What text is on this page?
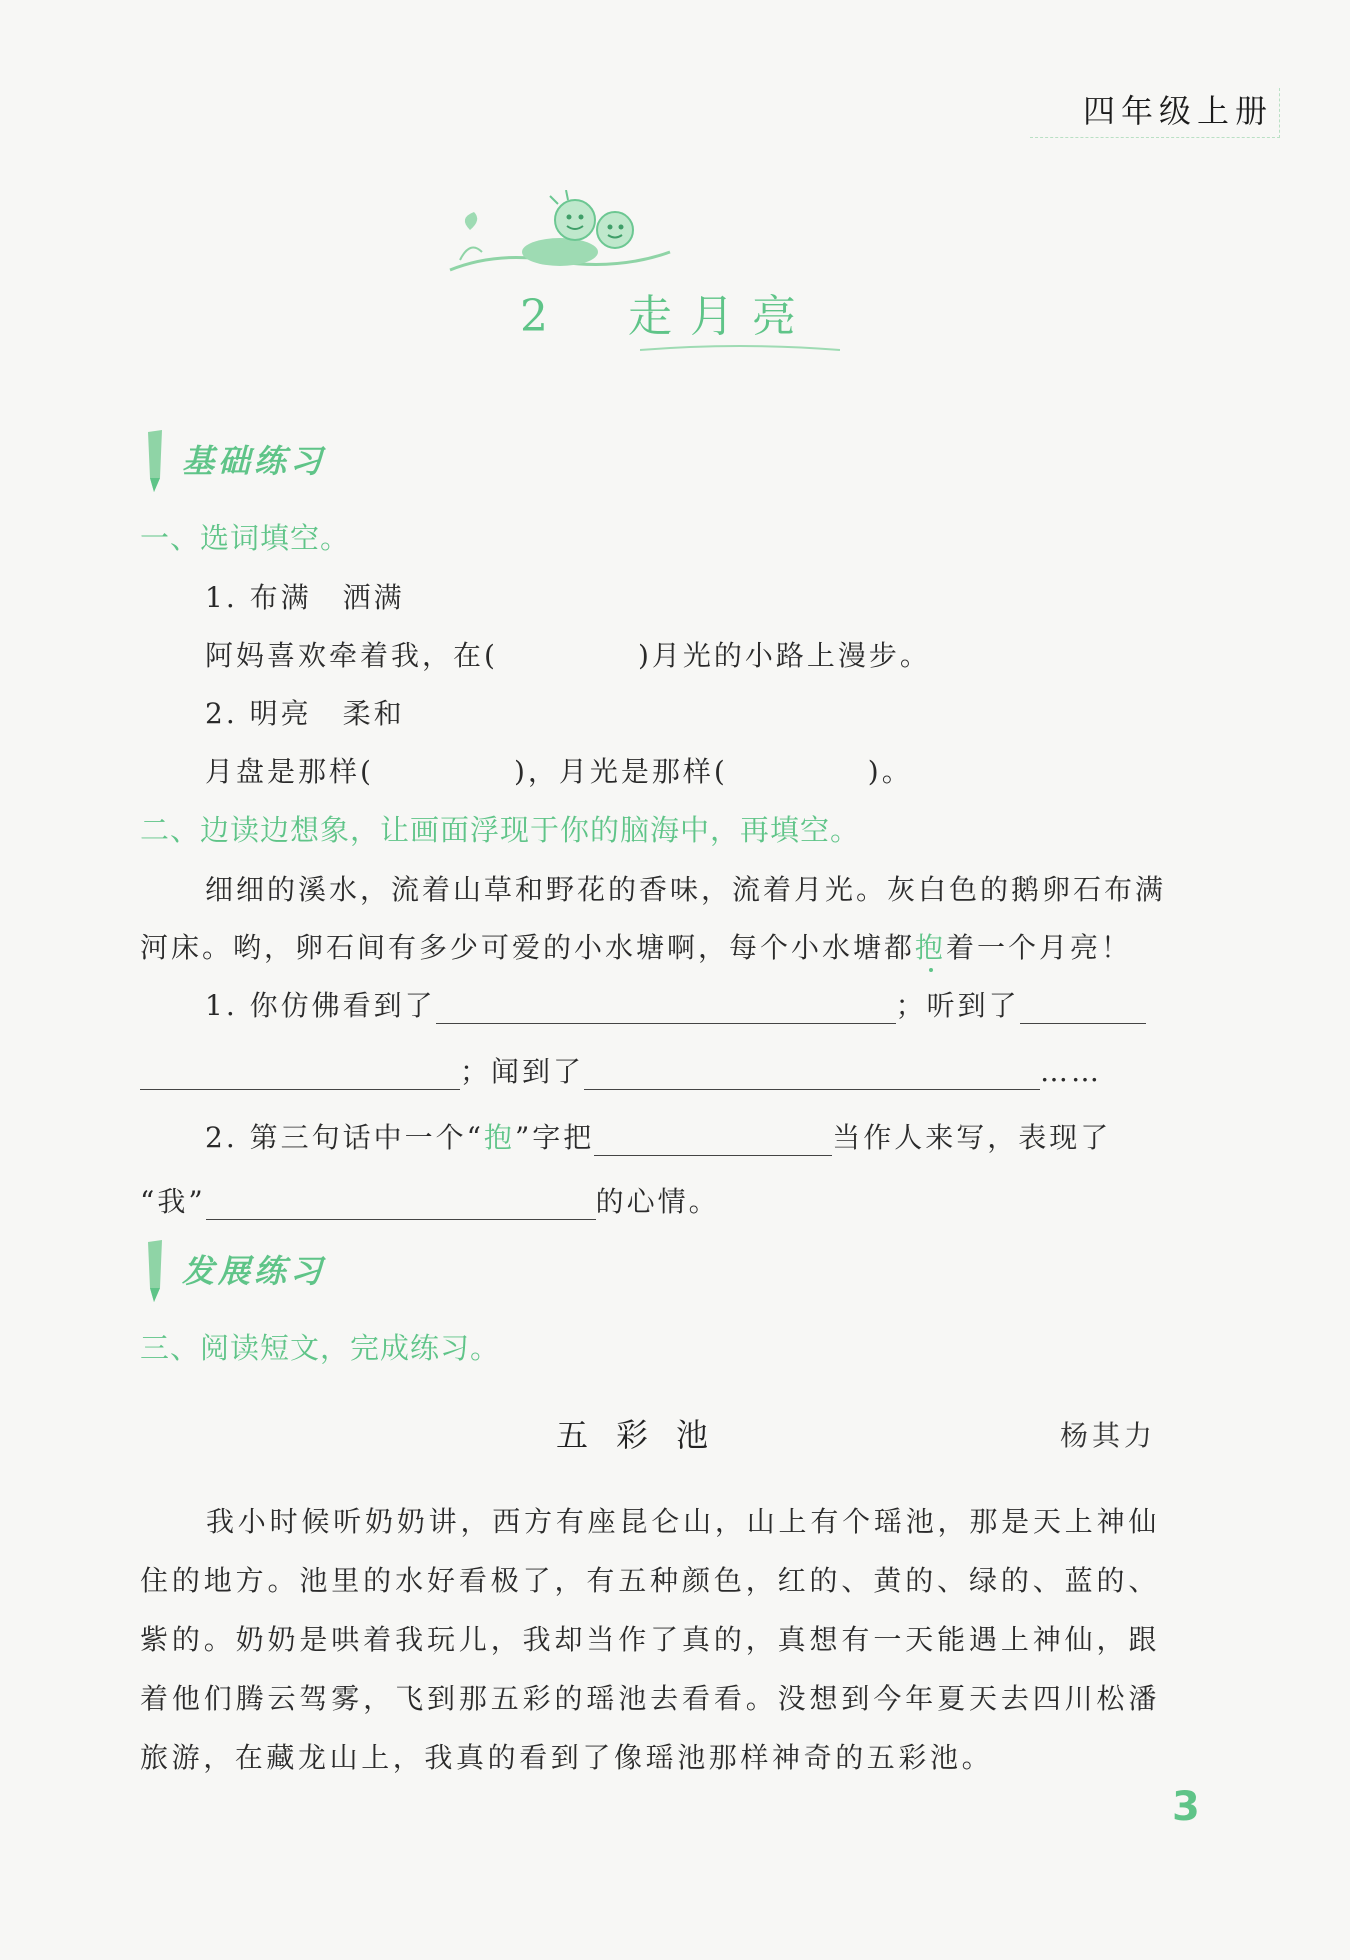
四年级上册
2　 走月亮
基础练习
一、选词填空。
1. 布满　洒满
阿妈喜欢牵着我，在(	)月光的小路上漫步。
2. 明亮　柔和
月盘是那样(	)，月光是那样(	)。
二、边读边想象，让画面浮现于你的脑海中，再填空。
细细的溪水，流着山草和野花的香味，流着月光。灰白色的鹅卵石布满
河床。哟，卵石间有多少可爱的小水塘啊，每个小水塘都抱着一个月亮！
1. 你仿佛看到了	；听到了
；闻到了	……
2. 第三句话中一个“抱”字把	当作人来写，表现了
“我”	的心情。
发展练习
三、阅读短文，完成练习。
五彩池	杨其力
我小时候听奶奶讲，西方有座昆仑山，山上有个瑶池，那是天上神仙住的地方。池里的水好看极了，有五种颜色，红的、黄的、绿的、蓝的、紫的。奶奶是哄着我玩儿，我却当作了真的，真想有一天能遇上神仙，跟着他们腾云驾雾，飞到那五彩的瑶池去看看。没想到今年夏天去四川松潘旅游，在藏龙山上，我真的看到了像瑶池那样神奇的五彩池。
3
